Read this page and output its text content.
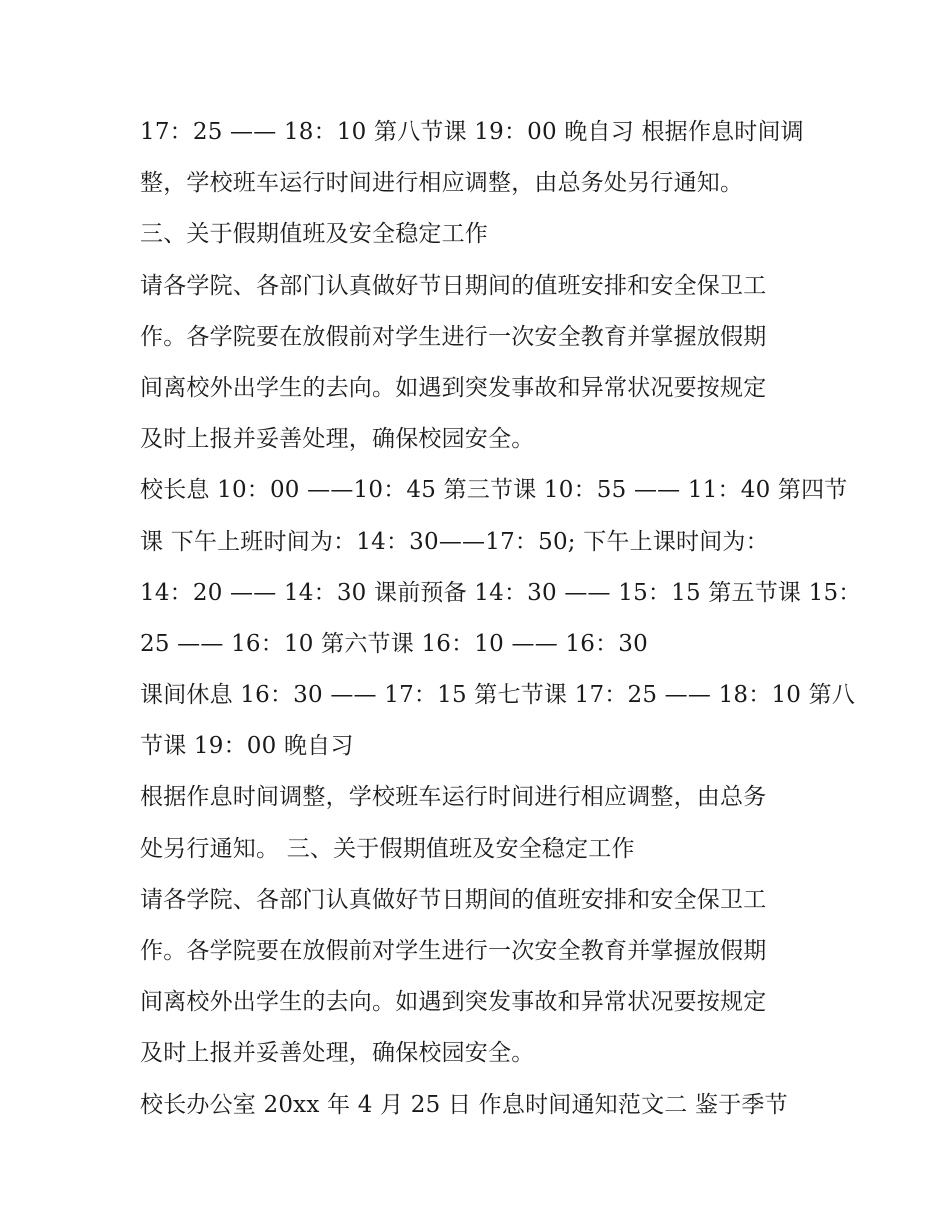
17：25 —— 18：10 第八节课 19：00 晚自习 根据作息时间调
整，学校班车运行时间进行相应调整，由总务处另行通知。
三、关于假期值班及安全稳定工作
请各学院、各部门认真做好节日期间的值班安排和安全保卫工
作。各学院要在放假前对学生进行一次安全教育并掌握放假期
间离校外出学生的去向。如遇到突发事故和异常状况要按规定
及时上报并妥善处理，确保校园安全。
校长息 10：00 ——10：45 第三节课 10：55 —— 11：40 第四节
课 下午上班时间为：14：30——17：50; 下午上课时间为：
14：20 —— 14：30 课前预备 14：30 —— 15：15 第五节课 15：
25 —— 16：10 第六节课 16：10 —— 16：30
课间休息 16：30 —— 17：15 第七节课 17：25 —— 18：10 第八
节课 19：00 晚自习
根据作息时间调整，学校班车运行时间进行相应调整，由总务
处另行通知。 三、关于假期值班及安全稳定工作
请各学院、各部门认真做好节日期间的值班安排和安全保卫工
作。各学院要在放假前对学生进行一次安全教育并掌握放假期
间离校外出学生的去向。如遇到突发事故和异常状况要按规定
及时上报并妥善处理，确保校园安全。
校长办公室 20xx 年 4 月 25 日 作息时间通知范文二 鉴于季节
